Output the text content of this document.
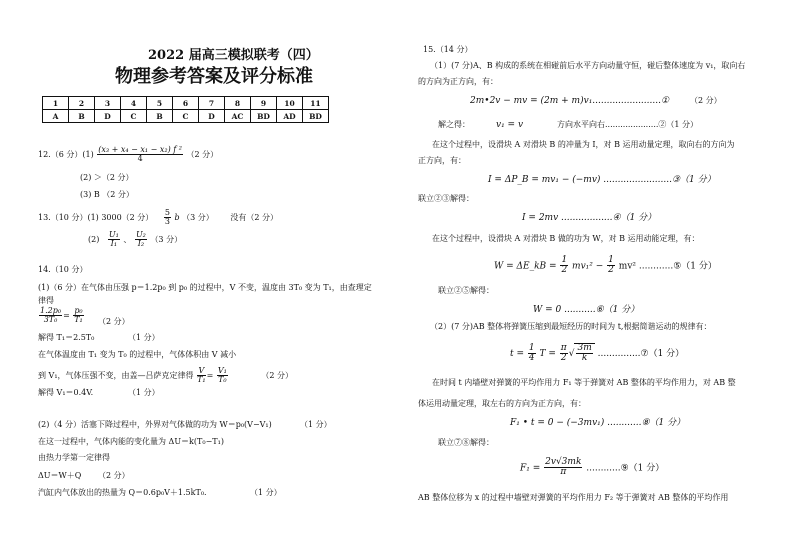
2022 届高三模拟联考（四）
物理参考答案及评分标准
1	2	3	4	5	6	7	8	9	10	11
A	B	D	C	B	C	D	AC	BD	AD	BD
12.（6 分）$(1) \frac{\text{(x₃ + x₄ − x₁ − x₂) f ²}}{4} (2$ 分）
(2) ＞（2 分）
(3) B （2 分）
13.（10 分）(1) 3000（2 分） $\frac{5}{3}$ b （3 分） 没有（2 分）
$(2) \frac{\text{U₁}}{\text{I₁}}$ 、 $\frac{\text{U₂}}{\text{I₂}} (3$ 分）
14.（10 分）
(1)（6 分）在气体由压强 p＝1.2p₀ 到 p₀ 的过程中，V 不变，温度由 3T₀ 变为 T₁，由查理定
律得
$\frac{\text{1.2p₀}}{\text{3T₀}} = \frac{\text{p₀}}{\text{T₁}} (2$ 分）
解得 T₁＝2.5T₀	（1 分）
在气体温度由 T₁ 变为 T₀ 的过程中，气体体积由 V 减小
到 V₁，气体压强不变，由盖—吕萨克定律得 $\frac{V}{\text{T₁}} = \frac{\text{V₁}}{\text{T₀}}$	（2 分）
解得 V₁＝0.4V.	（1 分）
(2)（4 分）活塞下降过程中，外界对气体做的功为 W＝p₀(V−V₁)	（1 分）
在这一过程中，气体内能的变化量为 ΔU＝k(T₀−T₁)
由热力学第一定律得
ΔU＝W＋Q （2 分）
汽缸内气体放出的热量为 Q＝0.6p₀V＋1.5kT₀.	（1 分）
15.（14 分）
（1）(7 分)A、B 构成的系统在相碰前后水平方向动量守恒，碰后整体速度为 v₁，取向右
的方向为正方向，有：
2m•2v − mv = (2m + m)v₁........................①	（2 分）
解之得：	v₁ = v	方向水平向右.....................②（1 分）
在这个过程中，设滑块 A 对滑块 B 的冲量为 I，对 B 运用动量定理，取向右的方向为
正方向，有：
I = ΔP_B = mv₁ − (−mv) ........................③（1 分）
联立②③解得：
I = 2mv ..................④（1 分）
在这个过程中，设滑块 A 对滑块 B 做的功为 W，对 B 运用动能定理，有：
W = ΔE_kB = $\frac{1}{2} mv_1^2 - \frac{1}{2} mv^2$ ............⑤（1 分）
联立②⑤解得：
W = 0 ...........⑥（1 分）
（2）(7 分)AB 整体将弹簧压缩到最短经历的时间为 t,根据简谐运动的规律有：
$t = \frac{1}{4}$ $T = \frac{\pi}{2}$ √ $\frac{3m}{k}$ ...............⑦（1 分）
在时间 t 内墙壁对弹簧的平均作用力 F₁ 等于弹簧对 AB 整体的平均作用力，对 AB 整
体运用动量定理，取左右的方向为正方向，有：
F₁ • t = 0 − (−3mv₁) ............⑧（1 分）
联立⑦⑧解得：
$F_1 = \frac{2v√3mk}{\pi}$ ............⑨（1 分）
AB 整体位移为 x 的过程中墙壁对弹簧的平均作用力 F₂ 等于弹簧对 AB 整体的平均作用
